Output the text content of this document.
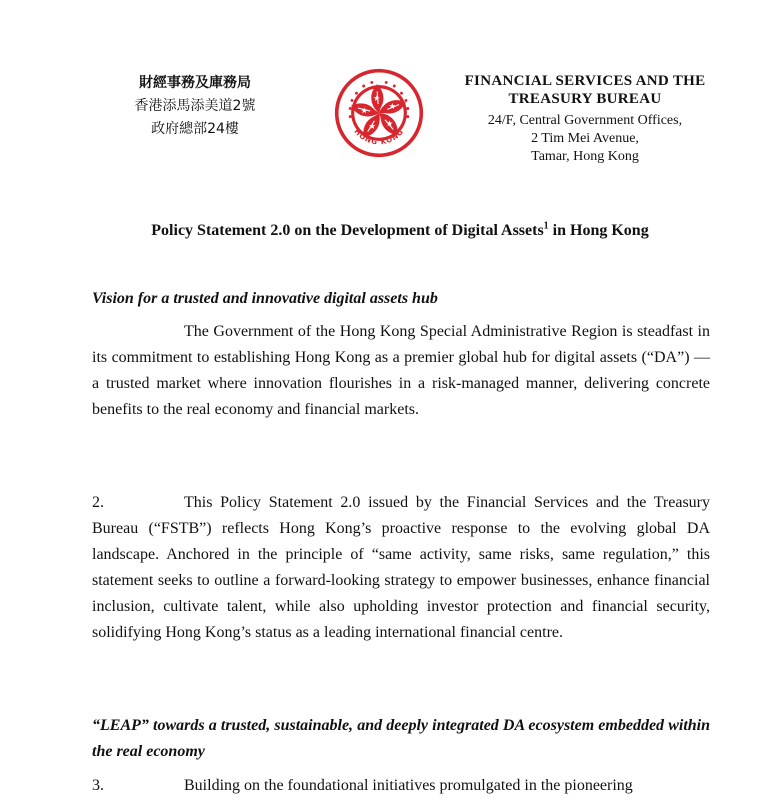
財經事務及庫務局
香港添馬添美道2號
政府總部24樓	HONG KONG
FINANCIAL SERVICES AND THE
TREASURY BUREAU
24/F, Central Government Offices,
2 Tim Mei Avenue,
Tamar, Hong Kong
Policy Statement 2.0 on the Development of Digital Assets$^1$ in Hong Kong
Vision for a trusted and innovative digital assets hub
The Government of the Hong Kong Special Administrative Region is steadfast in its commitment to establishing Hong Kong as a premier global hub for digital assets (“DA”) — a trusted market where innovation flourishes in a risk-managed manner, delivering concrete benefits to the real economy and financial markets.
2.	This Policy Statement 2.0 issued by the Financial Services and the Treasury Bureau (“FSTB”) reflects Hong Kong’s proactive response to the evolving global DA landscape. Anchored in the principle of “same activity, same risks, same regulation,” this statement seeks to outline a forward-looking strategy to empower businesses, enhance financial inclusion, cultivate talent, while also upholding investor protection and financial security, solidifying Hong Kong’s status as a leading international financial centre.
“LEAP” towards a trusted, sustainable, and deeply integrated DA ecosystem embedded within the real economy
3.	Building on the foundational initiatives promulgated in the pioneering
